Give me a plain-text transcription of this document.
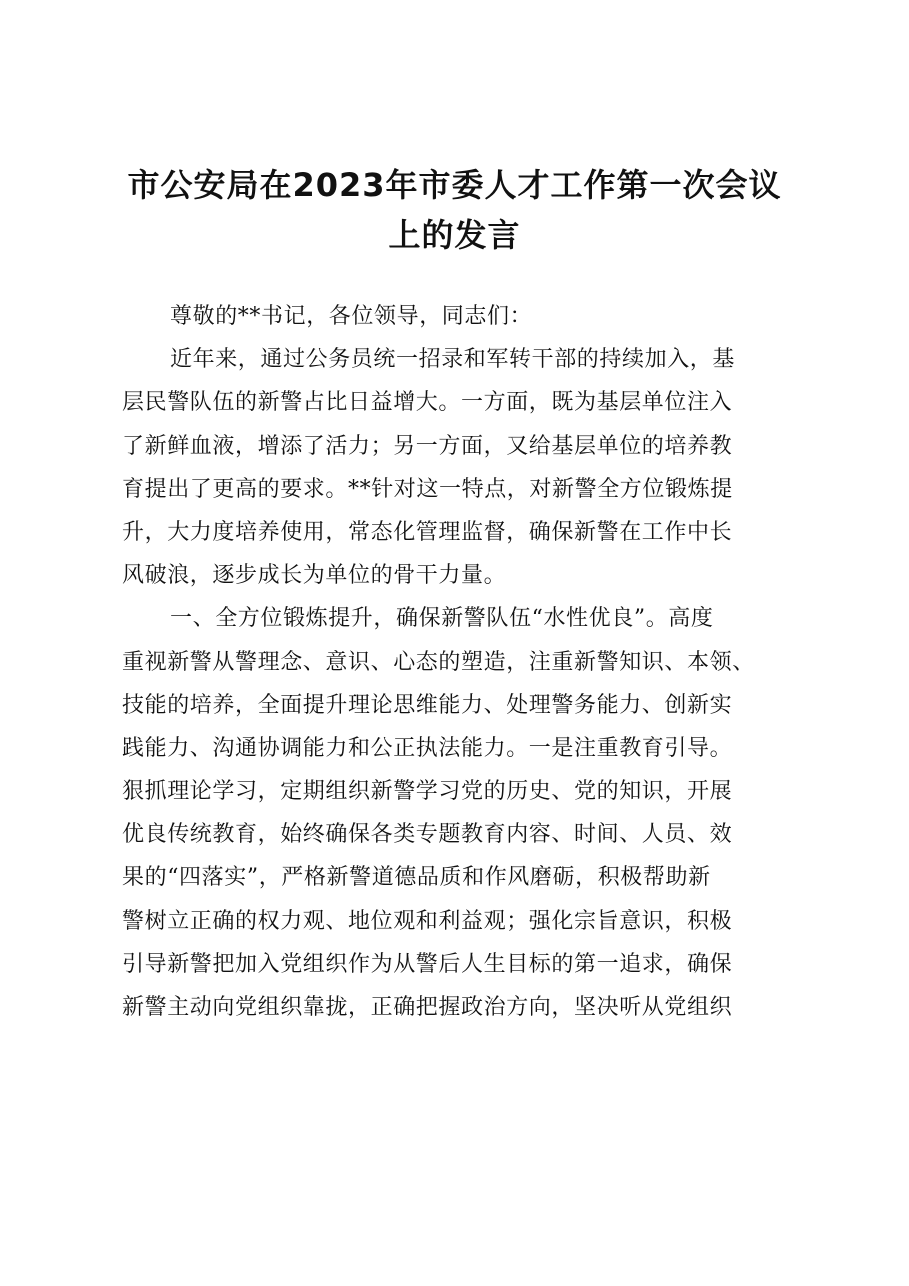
市公安局在2023年市委人才工作第一次会议
上的发言
尊敬的**书记，各位领导，同志们：
近年来，通过公务员统一招录和军转干部的持续加入，基
层民警队伍的新警占比日益增大。一方面，既为基层单位注入
了新鲜血液，增添了活力；另一方面，又给基层单位的培养教
育提出了更高的要求。**针对这一特点，对新警全方位锻炼提
升，大力度培养使用，常态化管理监督，确保新警在工作中长
风破浪，逐步成长为单位的骨干力量。
一、全方位锻炼提升，确保新警队伍“水性优良”。高度
重视新警从警理念、意识、心态的塑造，注重新警知识、本领、
技能的培养，全面提升理论思维能力、处理警务能力、创新实
践能力、沟通协调能力和公正执法能力。一是注重教育引导。
狠抓理论学习，定期组织新警学习党的历史、党的知识，开展
优良传统教育，始终确保各类专题教育内容、时间、人员、效
果的“四落实”，严格新警道德品质和作风磨砺，积极帮助新
警树立正确的权力观、地位观和利益观；强化宗旨意识，积极
引导新警把加入党组织作为从警后人生目标的第一追求，确保
新警主动向党组织靠拢，正确把握政治方向，坚决听从党组织
